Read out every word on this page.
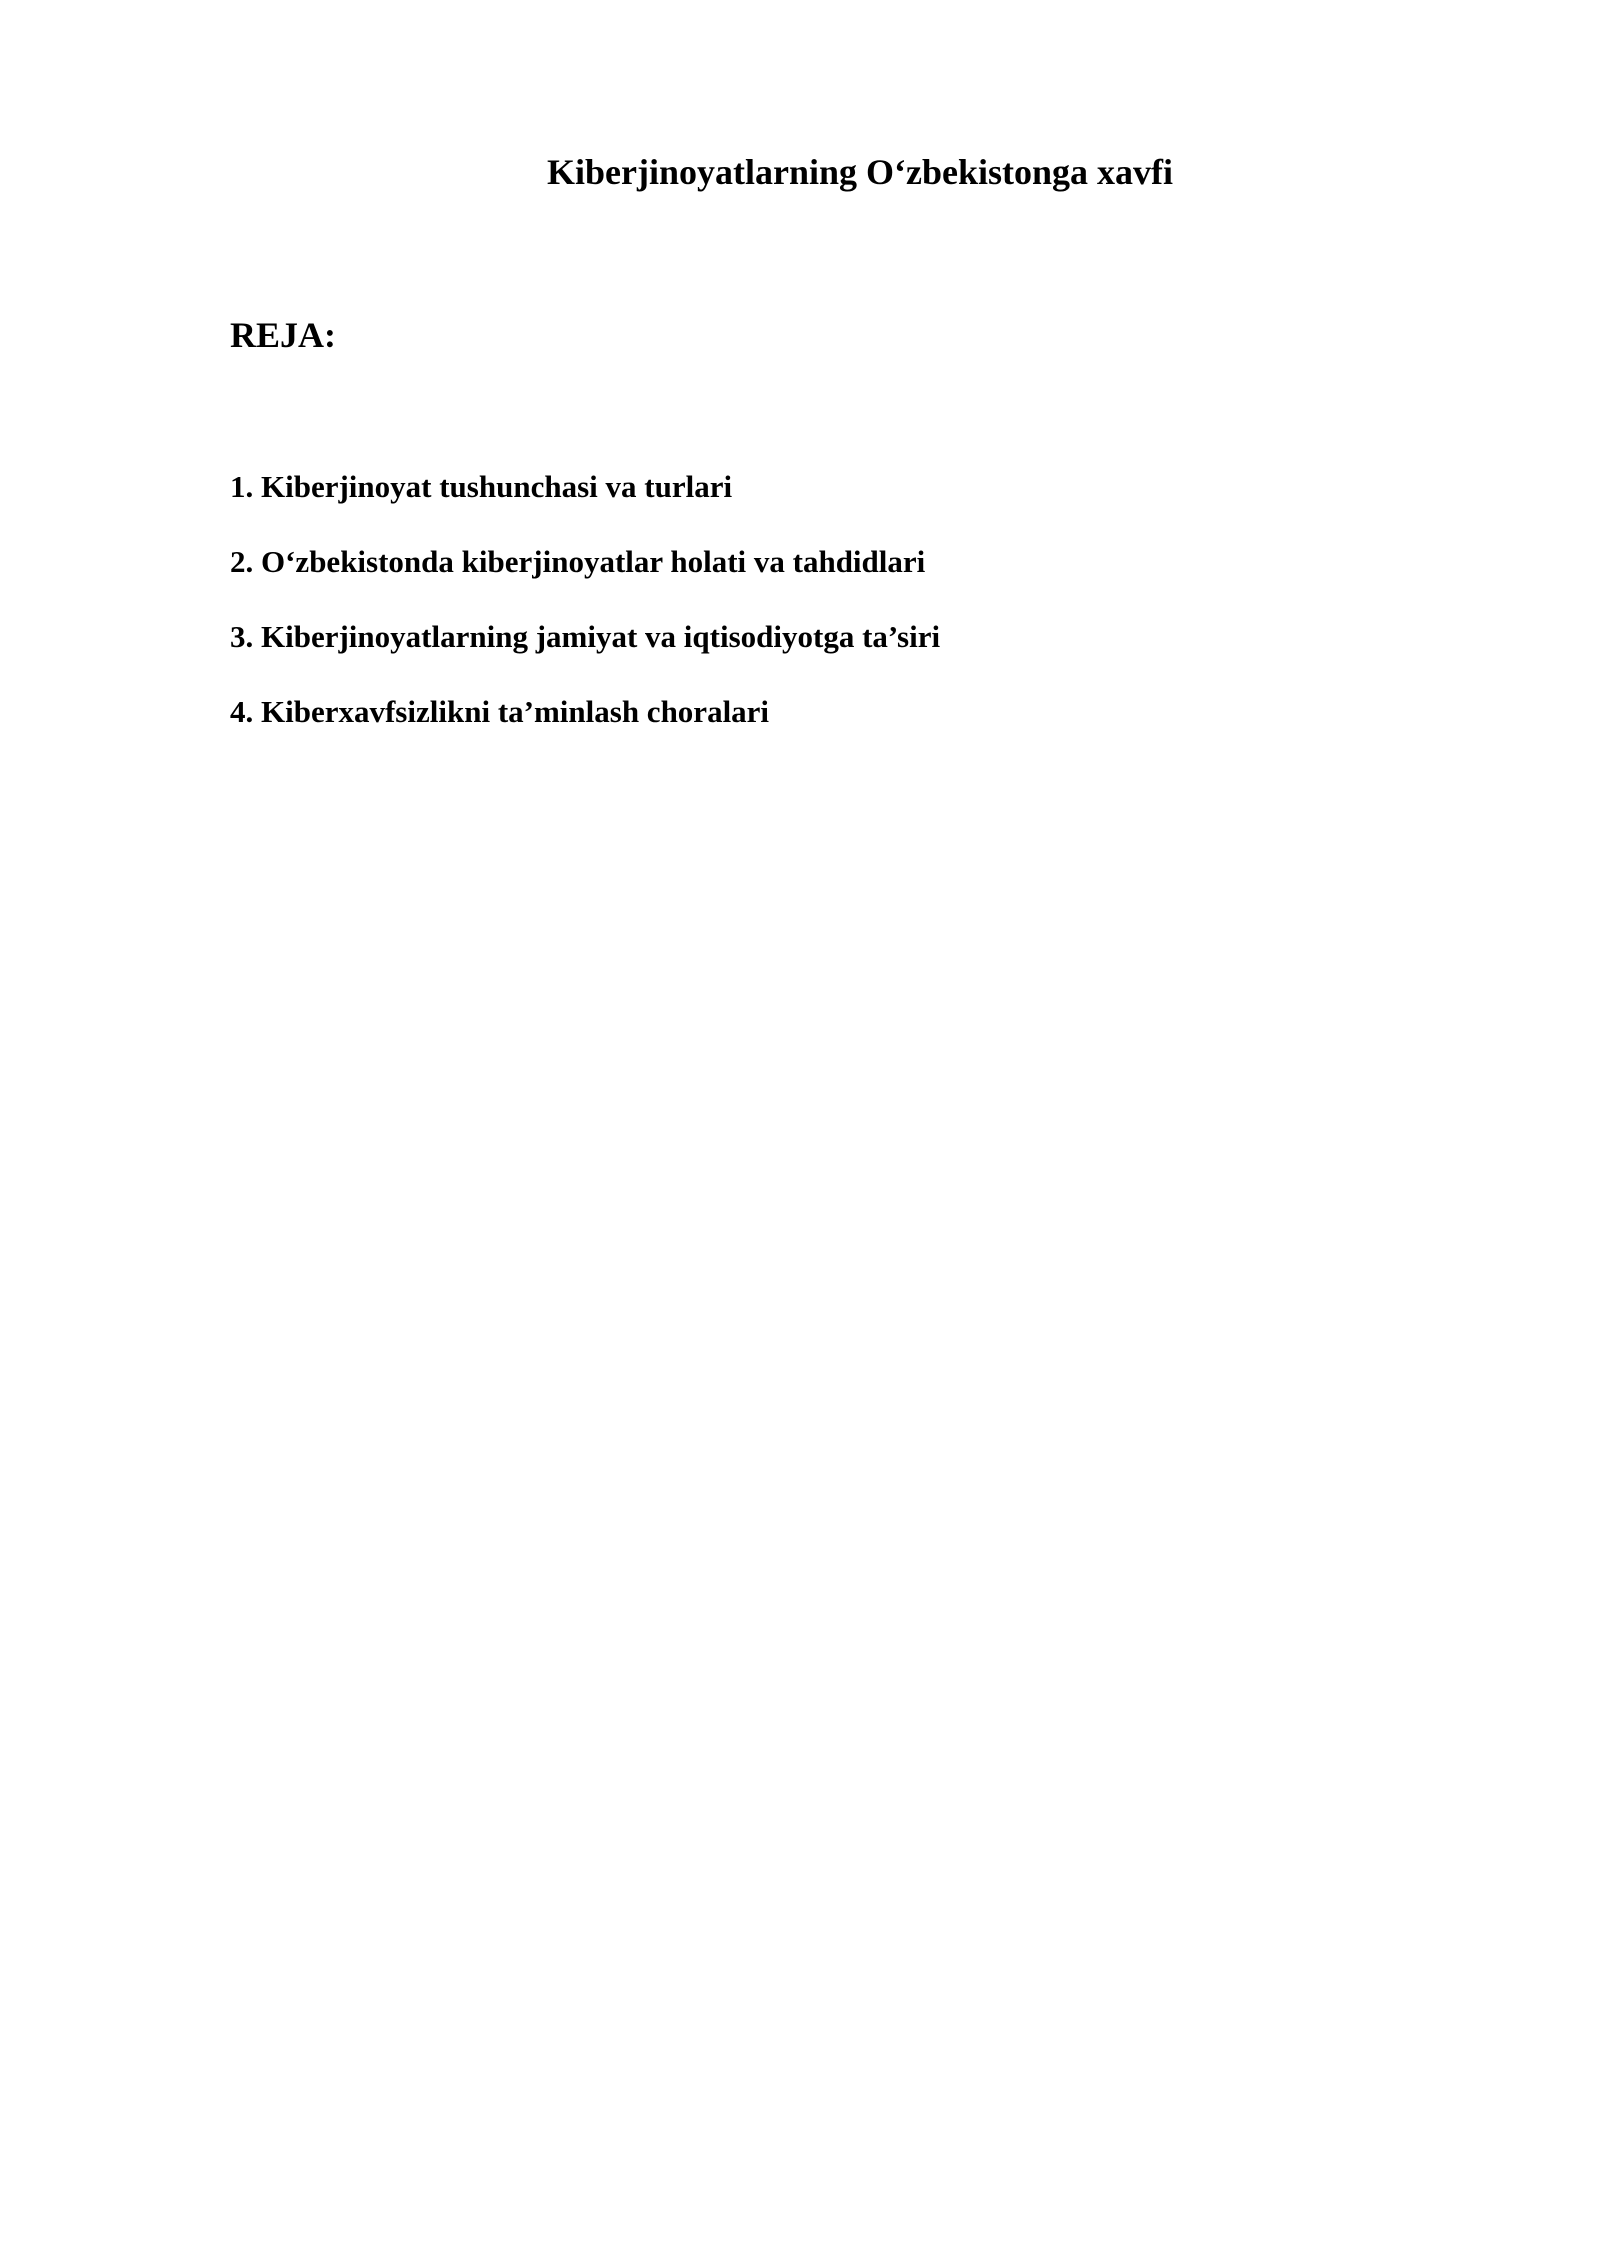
Kiberjinoyatlarning O‘zbekistonga xavfi
REJA:
1. Kiberjinoyat tushunchasi va turlari
2. O‘zbekistonda kiberjinoyatlar holati va tahdidlari
3. Kiberjinoyatlarning jamiyat va iqtisodiyotga ta’siri
4. Kiberxavfsizlikni ta’minlash choralari
